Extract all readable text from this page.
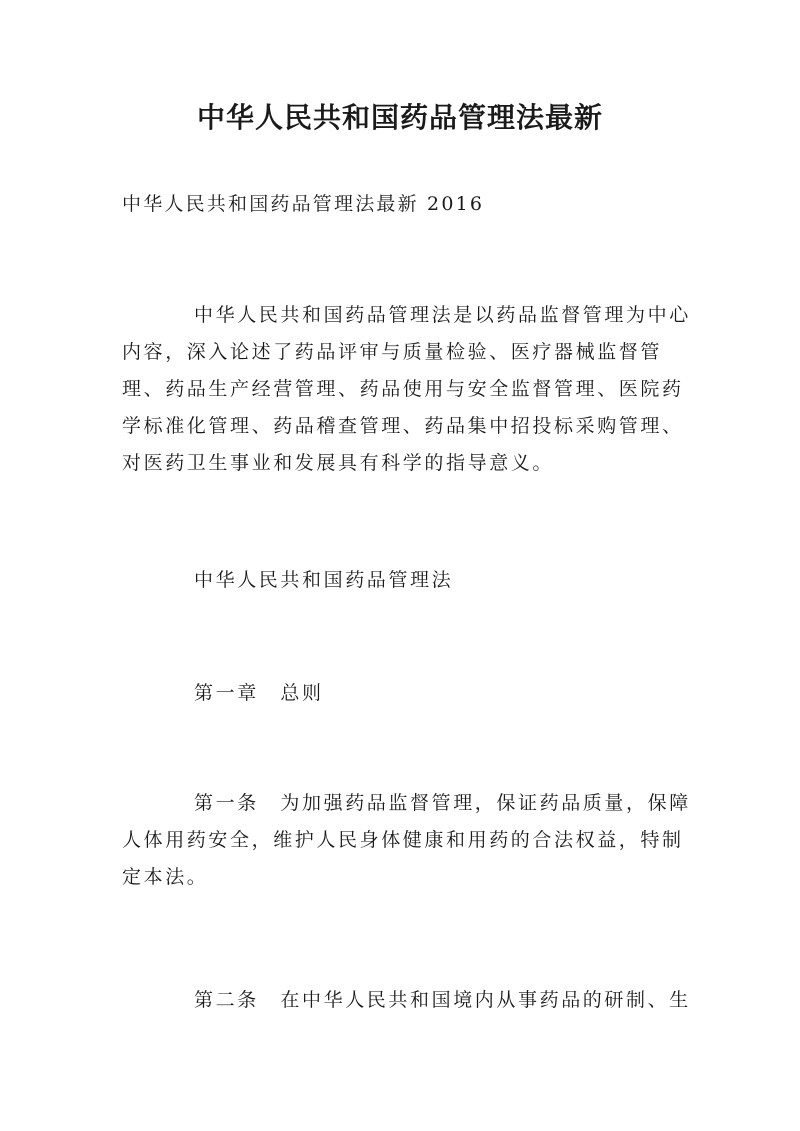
中华人民共和国药品管理法最新
中华人民共和国药品管理法最新 2016
中华人民共和国药品管理法是以药品监督管理为中心内容，深入论述了药品评审与质量检验、医疗器械监督管理、药品生产经营管理、药品使用与安全监督管理、医院药学标准化管理、药品稽查管理、药品集中招投标采购管理、对医药卫生事业和发展具有科学的指导意义。
中华人民共和国药品管理法
第一章　总则
第一条　为加强药品监督管理，保证药品质量，保障人体用药安全，维护人民身体健康和用药的合法权益，特制定本法。
第二条　在中华人民共和国境内从事药品的研制、生
